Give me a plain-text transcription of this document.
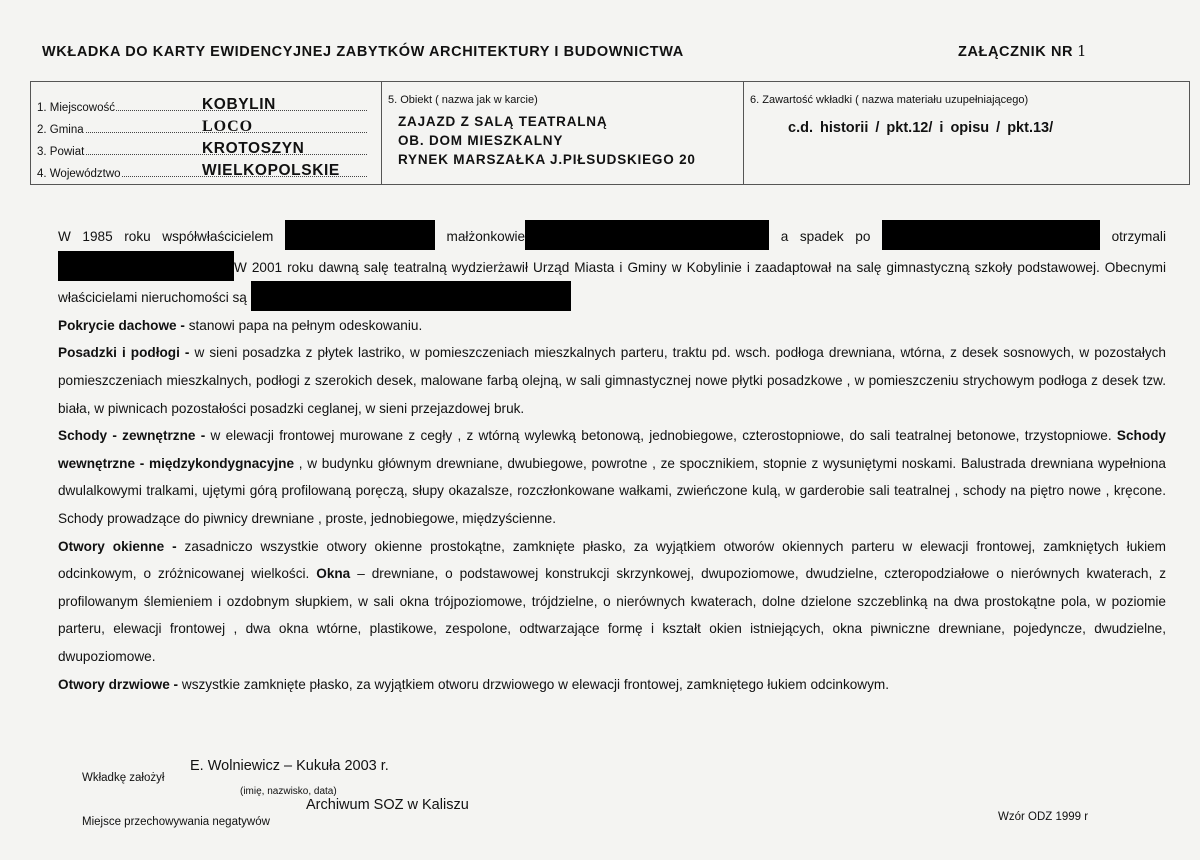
WKŁADKA DO KARTY EWIDENCYJNEJ ZABYTKÓW ARCHITEKTURY I BUDOWNICTWA	ZAŁĄCZNIK NR 1
1. Miejscowość	KOBYLIN
2. Gmina	LOCO
3. Powiat	KROTOSZYN
4. Województwo	WIELKOPOLSKIE
5. Obiekt ( nazwa jak w karcie)
ZAJAZD Z SALĄ TEATRALNĄ
OB. DOM MIESZKALNY
RYNEK MARSZAŁKA J.PIŁSUDSKIEGO 20
6. Zawartość wkładki ( nazwa materiału uzupełniającego)
c.d. historii / pkt.12/ i opisu / pkt.13/

W 1985 roku współwłaścicielem	małżonkowie	a spadek po	otrzymali W 2001 roku dawną salę teatralną wydzierżawił Urząd Miasta i Gminy w Kobylinie i zaadaptował na salę gimnastyczną szkoły podstawowej. Obecnymi właścicielami nieruchomości są

Pokrycie dachowe - stanowi papa na pełnym odeskowaniu.

Posadzki i podłogi - w sieni posadzka z płytek lastriko, w pomieszczeniach mieszkalnych parteru, traktu pd. wsch. podłoga drewniana, wtórna, z desek sosnowych, w pozostałych pomieszczeniach mieszkalnych, podłogi z szerokich desek, malowane farbą olejną, w sali gimnastycznej nowe płytki posadzkowe , w pomieszczeniu strychowym podłoga z desek tzw. biała, w piwnicach pozostałości posadzki ceglanej, w sieni przejazdowej bruk.

Schody - zewnętrzne - w elewacji frontowej murowane z cegły , z wtórną wylewką betonową, jednobiegowe, czterostopniowe, do sali teatralnej betonowe, trzystopniowe. Schody wewnętrzne - międzykondygnacyjne , w budynku głównym drewniane, dwubiegowe, powrotne , ze spocznikiem, stopnie z wysuniętymi noskami. Balustrada drewniana wypełniona dwulalkowymi tralkami, ujętymi górą profilowaną poręczą, słupy okazalsze, rozczłonkowane wałkami, zwieńczone kulą, w garderobie sali teatralnej , schody na piętro nowe , kręcone. Schody prowadzące do piwnicy drewniane , proste, jednobiegowe, międzyścienne.

Otwory okienne - zasadniczo wszystkie otwory okienne prostokątne, zamknięte płasko, za wyjątkiem otworów okiennych parteru w elewacji frontowej, zamkniętych łukiem odcinkowym, o zróżnicowanej wielkości. Okna – drewniane, o podstawowej konstrukcji skrzynkowej, dwupoziomowe, dwudzielne, czteropodziałowe o nierównych kwaterach, z profilowanym ślemieniem i ozdobnym słupkiem, w sali okna trójpoziomowe, trójdzielne, o nierównych kwaterach, dolne dzielone szczeblinką na dwa prostokątne pola, w poziomie parteru, elewacji frontowej , dwa okna wtórne, plastikowe, zespolone, odtwarzające formę i kształt okien istniejących, okna piwniczne drewniane, pojedyncze, dwudzielne, dwupoziomowe.

Otwory drzwiowe - wszystkie zamknięte płasko, za wyjątkiem otworu drzwiowego w elewacji frontowej, zamkniętego łukiem odcinkowym.

E. Wolniewicz – Kukuła 2003 r.
Wkładkę założył
(imię, nazwisko, data)
Archiwum SOZ w Kaliszu
Miejsce przechowywania negatywów	Wzór ODZ 1999 r
